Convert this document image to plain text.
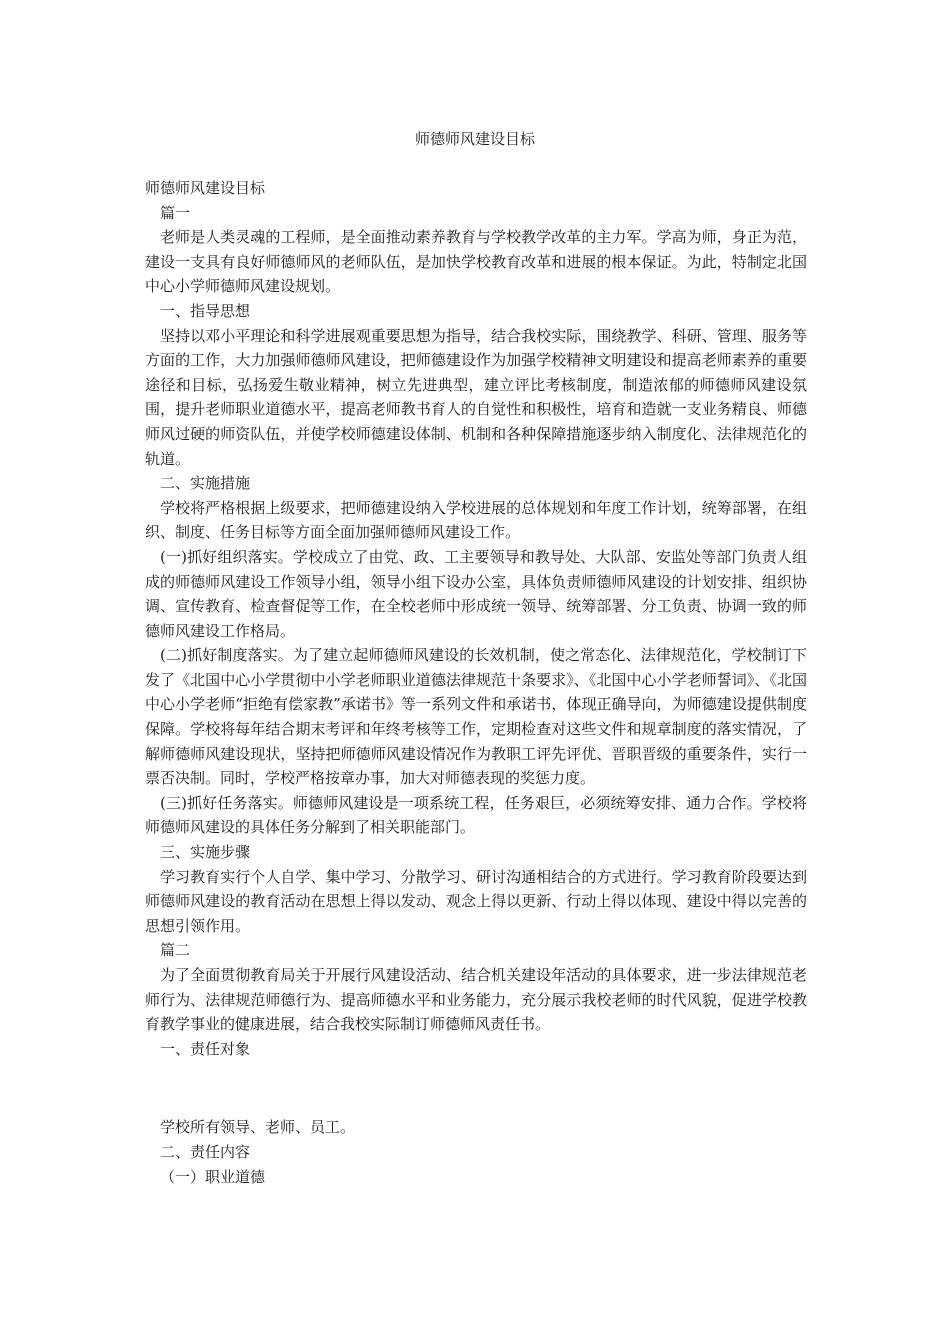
师德师风建设目标

师德师风建设目标

篇一

老师是人类灵魂的工程师，是全面推动素养教育与学校教学改革的主力军。学高为师，身正为范，建设一支具有良好师德师风的老师队伍，是加快学校教育改革和进展的根本保证。为此，特制定北国中心小学师德师风建设规划。

一、指导思想

坚持以邓小平理论和科学进展观重要思想为指导，结合我校实际，围绕教学、科研、管理、服务等方面的工作，大力加强师德师风建设，把师德建设作为加强学校精神文明建设和提高老师素养的重要途径和目标，弘扬爱生敬业精神，树立先进典型，建立评比考核制度，制造浓郁的师德师风建设氛围，提升老师职业道德水平，提高老师教书育人的自觉性和积极性，培育和造就一支业务精良、师德师风过硬的师资队伍，并使学校师德建设体制、机制和各种保障措施逐步纳入制度化、法律规范化的轨道。

二、实施措施

学校将严格根据上级要求，把师德建设纳入学校进展的总体规划和年度工作计划，统筹部署，在组织、制度、任务目标等方面全面加强师德师风建设工作。

(一)抓好组织落实。学校成立了由党、政、工主要领导和教导处、大队部、安监处等部门负责人组成的师德师风建设工作领导小组，领导小组下设办公室，具体负责师德师风建设的计划安排、组织协调、宣传教育、检查督促等工作，在全校老师中形成统一领导、统筹部署、分工负责、协调一致的师德师风建设工作格局。

(二)抓好制度落实。为了建立起师德师风建设的长效机制，使之常态化、法律规范化，学校制订下发了《北国中心小学贯彻中小学老师职业道德法律规范十条要求》、《北国中心小学老师誓词》、《北国中心小学老师“拒绝有偿家教”承诺书》等一系列文件和承诺书，体现正确导向，为师德建设提供制度保障。学校将每年结合期末考评和年终考核等工作，定期检查对这些文件和规章制度的落实情况，了解师德师风建设现状，坚持把师德师风建设情况作为教职工评先评优、晋职晋级的重要条件，实行一票否决制。同时，学校严格按章办事，加大对师德表现的奖惩力度。

(三)抓好任务落实。师德师风建设是一项系统工程，任务艰巨，必须统筹安排、通力合作。学校将师德师风建设的具体任务分解到了相关职能部门。

三、实施步骤

学习教育实行个人自学、集中学习、分散学习、研讨沟通相结合的方式进行。学习教育阶段要达到师德师风建设的教育活动在思想上得以发动、观念上得以更新、行动上得以体现、建设中得以完善的思想引领作用。

篇二

为了全面贯彻教育局关于开展行风建设活动、结合机关建设年活动的具体要求，进一步法律规范老师行为、法律规范师德行为、提高师德水平和业务能力，充分展示我校老师的时代风貌，促进学校教育教学事业的健康进展，结合我校实际制订师德师风责任书。

一、责任对象

学校所有领导、老师、员工。

二、责任内容

（一）职业道德
